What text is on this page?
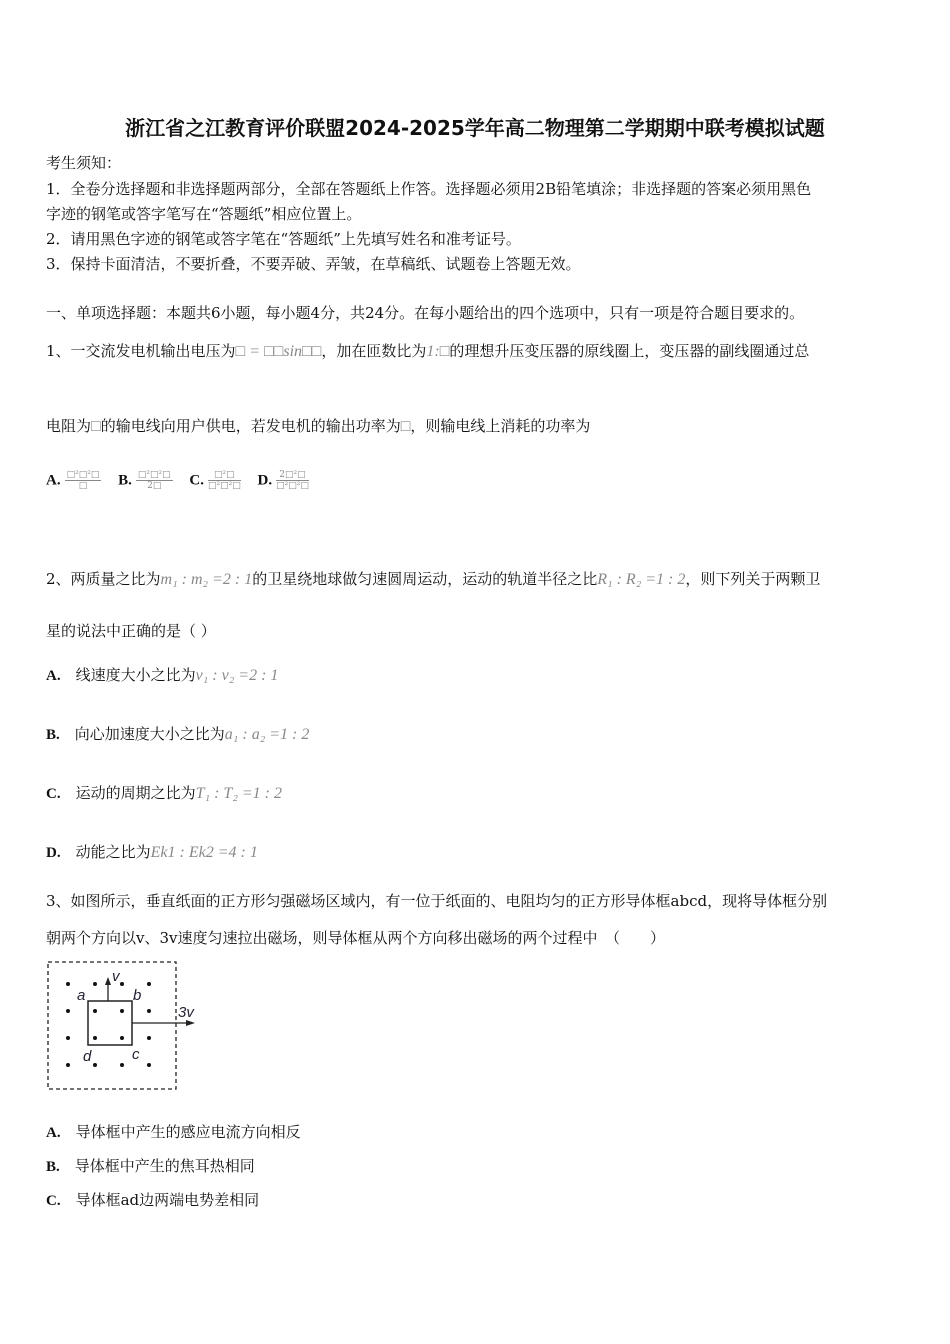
浙江省之江教育评价联盟2024-2025学年高二物理第二学期期中联考模拟试题
考生须知：
1．全卷分选择题和非选择题两部分，全部在答题纸上作答。选择题必须用2B铅笔填涂；非选择题的答案必须用黑色
字迹的钢笔或答字笔写在“答题纸”相应位置上。
2．请用黑色字迹的钢笔或答字笔在“答题纸”上先填写姓名和准考证号。
3．保持卡面清洁，不要折叠，不要弄破、弄皱，在草稿纸、试题卷上答题无效。
一、单项选择题：本题共6小题，每小题4分，共24分。在每小题给出的四个选项中，只有一项是符合题目要求的。
1、一交流发电机输出电压为□ = □□sin□□，加在匝数比为1:□的理想升压变压器的原线圈上，变压器的副线圈通过总
电阻为□的输电线向用户供电，若发电机的输出功率为□，则输电线上消耗的功率为
A. $\frac{\text{□²□²□}}{□} B$. $\frac{\text{□²□²□}}{2□} C$. $\frac{\text{□²□}}{\text{□²□²□}} D$. $\frac{\text{2□²□}}{\text{□²□²□}}$
2、两质量之比为m₁ : m₂ =2 : 1的卫星绕地球做匀速圆周运动，运动的轨道半径之比R₁ : R₂ =1 : 2，则下列关于两颗卫
星的说法中正确的是（ ）
A.　 线速度大小之比为v₁ : v₂ =2 : 1
B.　 向心加速度大小之比为a₁ : a₂ =1 : 2
C.　 运动的周期之比为T₁ : T₂ =1 : 2
D.　 动能之比为Ek1 : Ek2 =4 : 1
3、如图所示，垂直纸面的正方形匀强磁场区域内，有一位于纸面的、电阻均匀的正方形导体框abcd，现将导体框分别
朝两个方向以v、3v速度匀速拉出磁场，则导体框从两个方向移出磁场的两个过程中　（　　）
a	b
c
d
v
3v
A.　 导体框中产生的感应电流方向相反
B.　 导体框中产生的焦耳热相同
C.　 导体框ad边两端电势差相同
